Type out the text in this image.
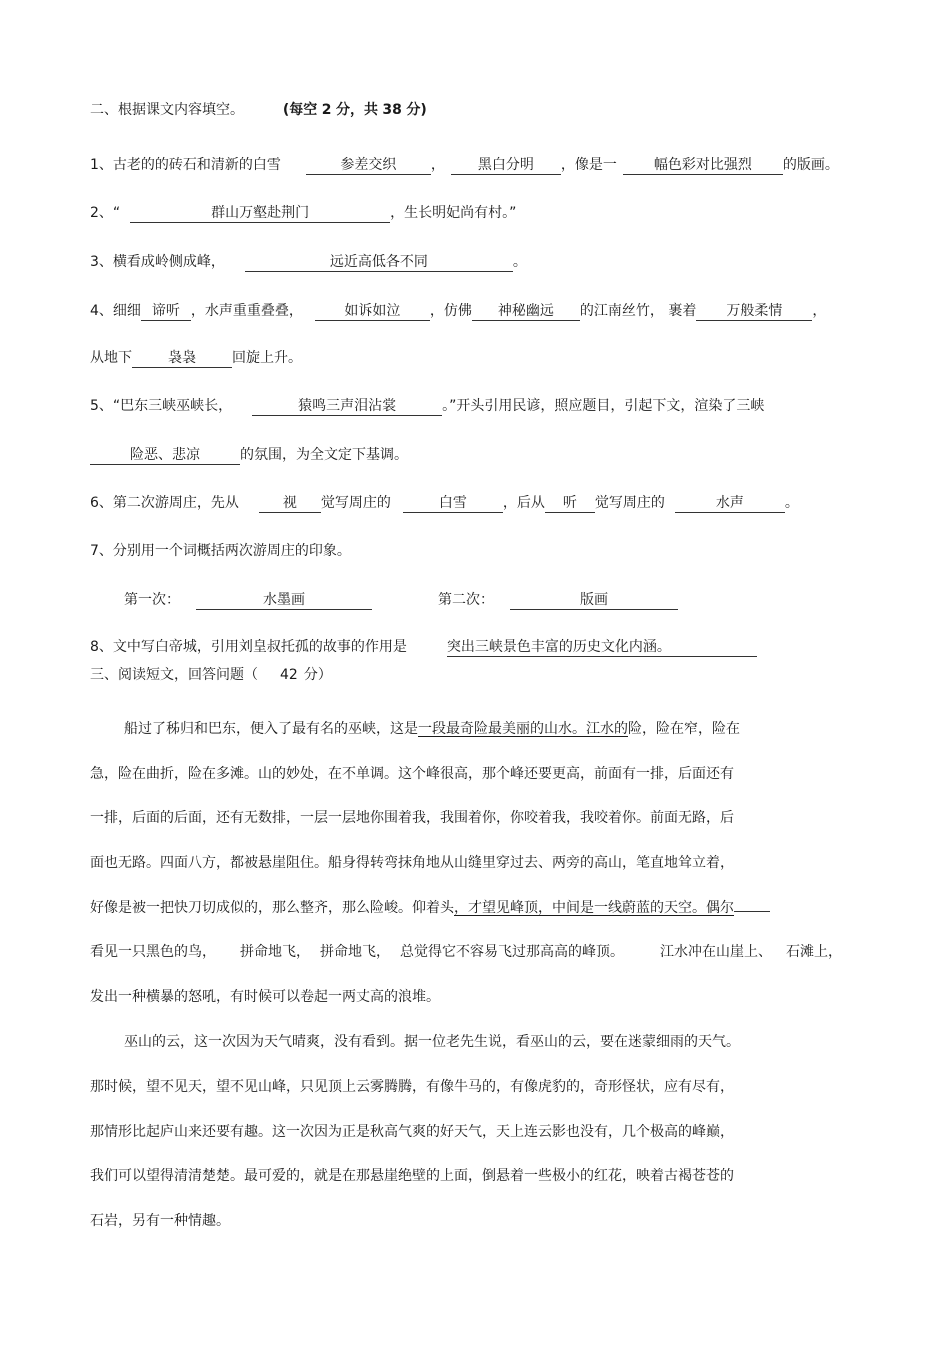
二、根据课文内容填空。	(每空 2 分，共 38 分)
1、古老的的砖石和清新的白雪	参差交织 ， 黑白分明 ，像是一	幅色彩对比强烈 的版画。
2、“	群山万壑赴荆门	，生长明妃尚有村。”
3、横看成岭侧成峰，	远近高低各不同	。
4、细细 谛听 ，水声重重叠叠，	如诉如泣 ，仿佛 神秘幽远 的江南丝竹， 裹着 万般柔情 ，
从地下	袅袅	回旋上升。
5、“巴东三峡巫峡长，	猿鸣三声泪沾裳	。”开头引用民谚，照应题目，引起下文，渲染了三峡
险恶、悲凉	的氛围，为全文定下基调。
6、第二次游周庄，先从	视 觉写周庄的	白雪	，后从 听 觉写周庄的	水声	。
7、分别用一个词概括两次游周庄的印象。
第一次：	水墨画	第二次：	版画
8、文中写白帝城，引用刘皇叔托孤的故事的作用是	突出三峡景色丰富的历史文化内涵。
三、阅读短文，回答问题（ 42 分）
船过了秭归和巴东，便入了最有名的巫峡，这是一段最奇险最美丽的山水。江水的险，险在窄，险在
急，险在曲折，险在多滩。山的妙处，在不单调。这个峰很高，那个峰还要更高，前面有一排，后面还有
一排，后面的后面，还有无数排，一层一层地你围着我，我围着你，你咬着我，我咬着你。前面无路，后
面也无路。四面八方，都被悬崖阻住。船身得转弯抹角地从山缝里穿过去、两旁的高山，笔直地耸立着，
好像是被一把快刀切成似的，那么整齐，那么险峻。仰着头，才望见峰顶，中间是一线蔚蓝的天空。偶尔
看见一只黑色的鸟， 拼命地飞， 拼命地飞， 总觉得它不容易飞过那高高的峰顶。	江水冲在山崖上、 石滩上，
发出一种横暴的怒吼，有时候可以卷起一两丈高的浪堆。
巫山的云，这一次因为天气晴爽，没有看到。据一位老先生说，看巫山的云，要在迷蒙细雨的天气。
那时候，望不见天，望不见山峰，只见顶上云雾腾腾，有像牛马的，有像虎豹的，奇形怪状，应有尽有，
那情形比起庐山来还要有趣。这一次因为正是秋高气爽的好天气，天上连云影也没有，几个极高的峰巅，
我们可以望得清清楚楚。最可爱的，就是在那悬崖绝壁的上面，倒悬着一些极小的红花，映着古褐苍苍的
石岩，另有一种情趣。
